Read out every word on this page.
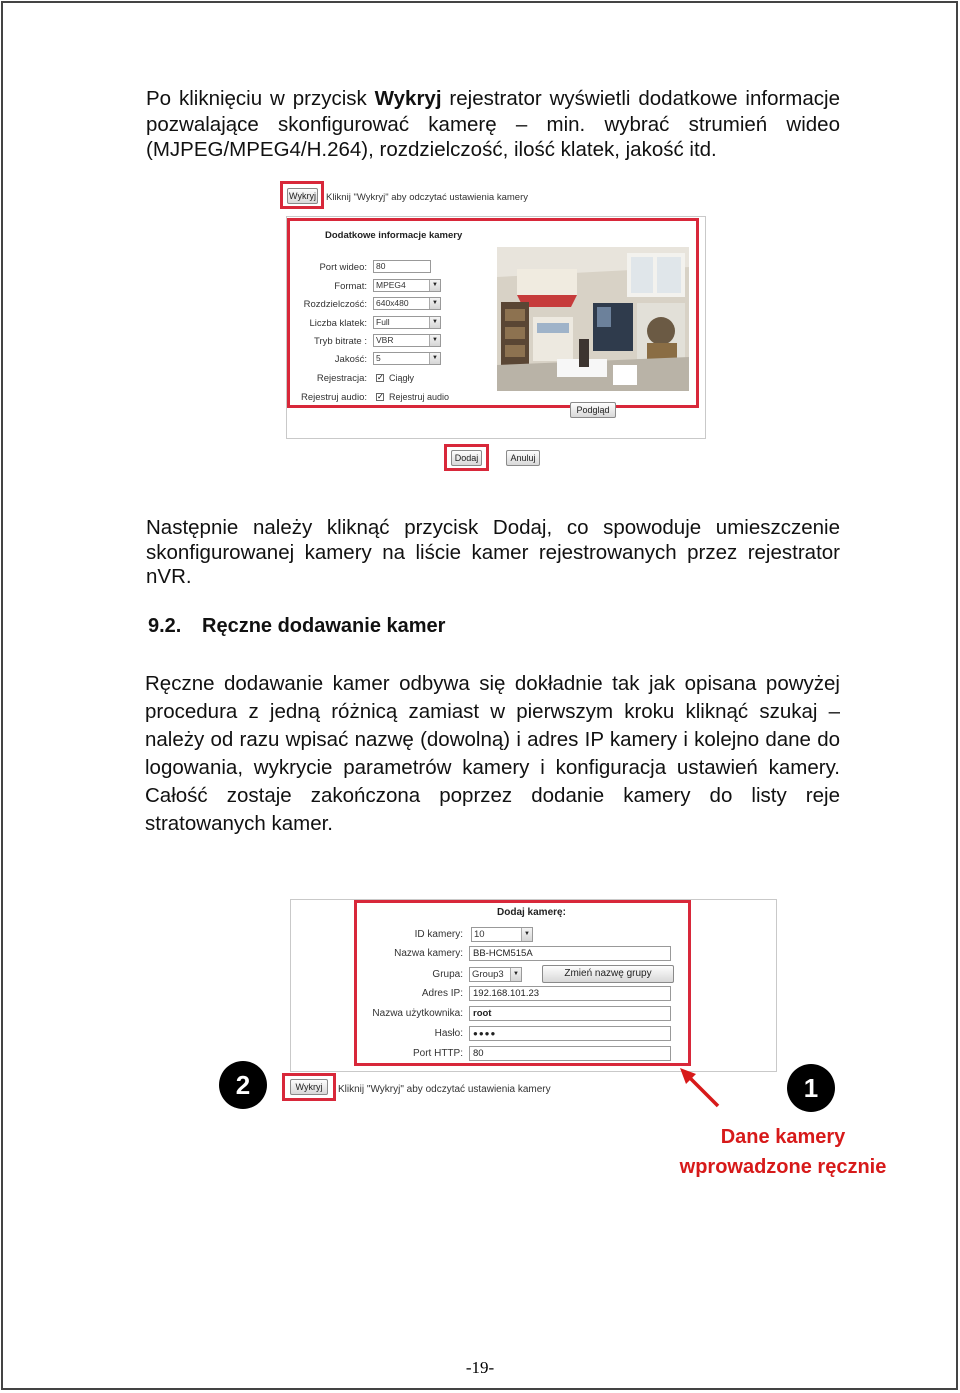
Po kliknięciu w przycisk Wykryj rejestrator wyświetli dodatkowe informacje pozwalające skonfigurować kamerę – min. wybrać strumień wideo (MJPEG/MPEG4/H.264), rozdzielczość, ilość klatek, jakość itd.

Wykryj Kliknij "Wykryj" aby odczytać ustawienia kamery
Dodatkowe informacje kamery
Port wideo:	80
Format:	MPEG4	▼
Rozdzielczość:	640x480	▼
Liczba klatek:	Full	▼
Tryb bitrate :	VBR	▼
Jakość:	5	▼
Rejestracja: ✓ Ciągły
Rejestruj audio: ✓ Rejestruj audio
Podgląd
Dodaj	Anuluj

Następnie należy kliknąć przycisk Dodaj, co spowoduje umieszczenie skonfigurowanej kamery na liście kamer rejestrowanych przez rejestrator nVR.

9.2. Ręczne dodawanie kamer

Ręczne dodawanie kamer odbywa się dokładnie tak jak opisana powyżej procedura z jedną różnicą zamiast w pierwszym kroku kliknąć szukaj – należy od razu wpisać nazwę (dowolną) i adres IP kamery i kolejno dane do logowania, wykrycie parametrów kamery i konfiguracja ustawień kamery. Całość zostaje zakończona poprzez dodanie kamery do listy reje stratowanych kamer.

Dodaj kamerę:
ID kamery:	10	▼
Nazwa kamery:	BB-HCM515A
Grupa: Group3	▼	Zmień nazwę grupy
Adres IP:	192.168.101.23
Nazwa użytkownika:	root
Hasło:	●●●●
Port HTTP:	80
Wykryj	Kliknij "Wykryj" aby odczytać ustawienia kamery
2	1
Dane kamery
wprowadzone ręcznie
-19-
